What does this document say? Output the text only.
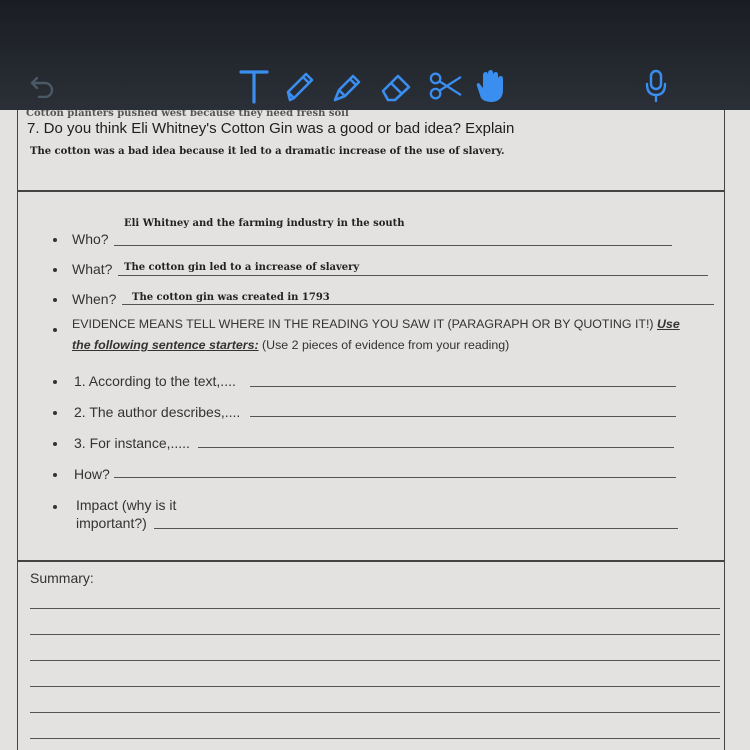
Cotton planters pushed west because they need fresh soil
7. Do you think Eli Whitney's Cotton Gin was a good or bad idea? Explain
The cotton was a bad idea because it led to a dramatic increase of the use of slavery.
Who?
Eli Whitney and the farming industry in the south
What? The cotton gin led to a increase of slavery
When? The cotton gin was created in 1793
EVIDENCE MEANS TELL WHERE IN THE READING YOU SAW IT (PARAGRAPH OR BY QUOTING IT!) Use
the following sentence starters: (Use 2 pieces of evidence from your reading)
1. According to the text,....
2. The author describes,....
3. For instance,.....
How?
Impact (why is it
important?)
Summary:
